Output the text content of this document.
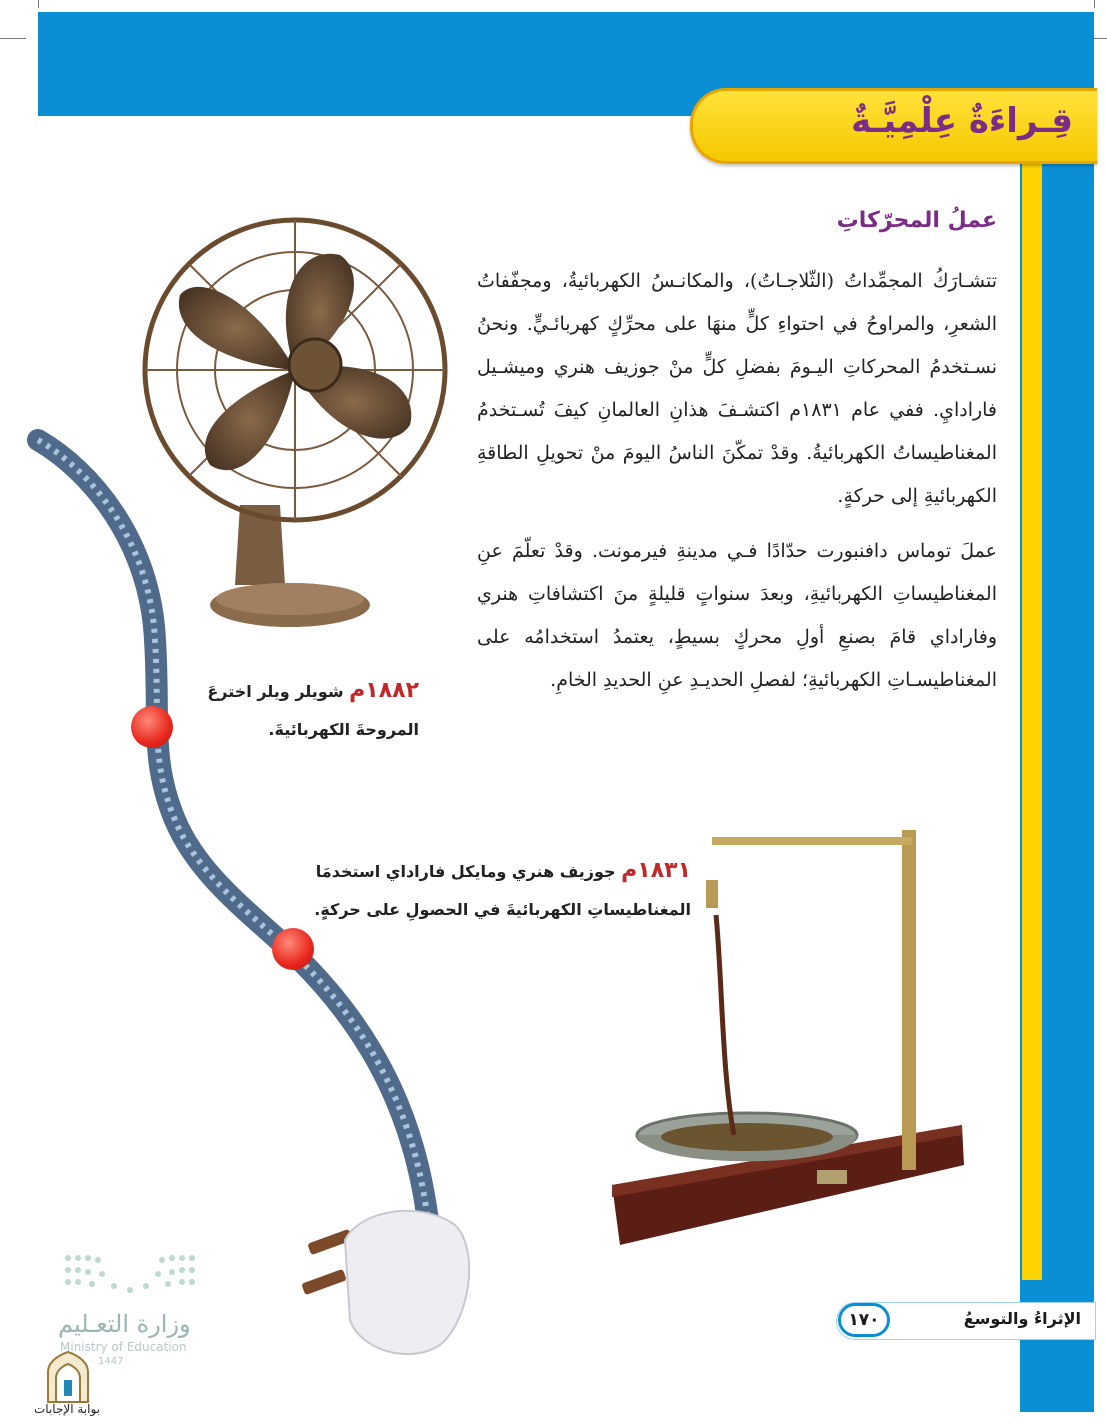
قِـراءَةٌ عِلْمِيَّـةٌ
عملُ المحرّكاتِ
تتشـارَكُ المجمِّداتُ (الثّلاجـاتُ)، والمكانـسُ الكهربائيةُ، ومجفّفاتُ الشعرِ، والمراوحُ في احتواءِ كلٍّ منهَا على محرِّكٍ كهربائـيٍّ. ونحنُ نسـتخدمُ المحركاتِ اليـومَ بفضلِ كلٍّ منْ جوزيف هنري وميشـيل فارادايِ. ففي عام ١٨٣١م اكتشـفَ هذانِ العالمانِ كيفَ تُسـتخدمُ المغناطيساتُ الكهربائيةُ. وقدْ تمكّنَ الناسُ اليومَ منْ تحويلِ الطاقةِ الكهربائيةِ إلى حركةٍ.
عملَ توماس دافنبورت حدّادًا فـي مدينةِ فيرمونت. وقدْ تعلّمَ عنِ المغناطيساتِ الكهربائيةِ، وبعدَ سنواتٍ قليلةٍ منَ اكتشافاتِ هنري وفاراداي قامَ بصنعِ أولِ محركٍ بسيطٍ، يعتمدُ استخدامُه على المغناطيسـاتِ الكهربائيةِ؛ لفصلِ الحديـدِ عنِ الحديدِ الخامِ.
١٨٨٢م شويلر ويلر اخترعَ المروحةَ الكهربائيةَ.
١٨٣١م جوزيف هنري ومايكل فاراداي استخدمَا المغناطيساتِ الكهربائيةَ في الحصولِ على حركةٍ.
الإثراءُ والتوسعُ
١٧٠
وزارة التعـليم
Ministry of Education
1447
بوابة الإجابات
